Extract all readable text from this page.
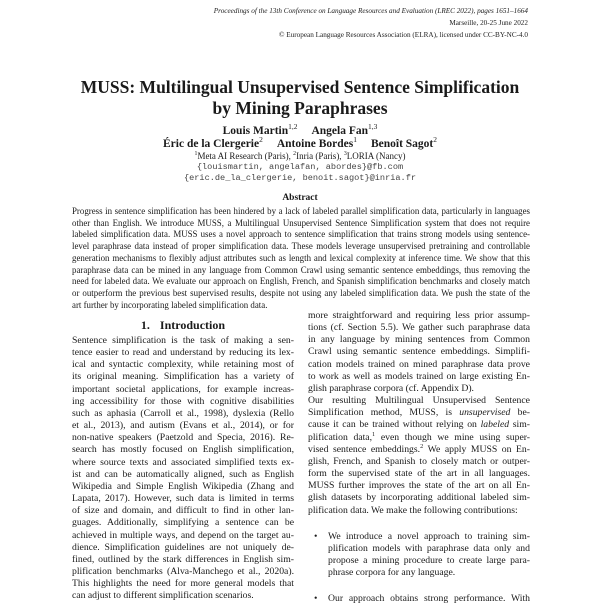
Proceedings of the 13th Conference on Language Resources and Evaluation (LREC 2022), pages 1651–1664
Marseille, 20-25 June 2022
© European Language Resources Association (ELRA), licensed under CC-BY-NC-4.0
MUSS: Multilingual Unsupervised Sentence Simplification
by Mining Paraphrases
Louis Martin$^{1,2}$ Angela Fan$^{1,3}$
Éric de la Clergerie$^2$ Antoine Bordes$^1$ Benoît Sagot$^2$
$^1$Meta AI Research (Paris), $^2$Inria (Paris), $^3$LORIA (Nancy)
{louismartin, angelafan, abordes}@fb.com
{eric.de_la_clergerie, benoit.sagot}@inria.fr
Abstract
Progress in sentence simplification has been hindered by a lack of labeled parallel simplification data, particularly in languages
other than English. We introduce MUSS, a Multilingual Unsupervised Sentence Simplification system that does not require
labeled simplification data. MUSS uses a novel approach to sentence simplification that trains strong models using sentence-
level paraphrase data instead of proper simplification data. These models leverage unsupervised pretraining and controllable
generation mechanisms to flexibly adjust attributes such as length and lexical complexity at inference time. We show that this
paraphrase data can be mined in any language from Common Crawl using semantic sentence embeddings, thus removing the
need for labeled data. We evaluate our approach on English, French, and Spanish simplification benchmarks and closely match
or outperform the previous best supervised results, despite not using any labeled simplification data. We push the state of the
art further by incorporating labeled simplification data.
1. Introduction
Sentence simplification is the task of making a sen-
tence easier to read and understand by reducing its lex-
ical and syntactic complexity, while retaining most of
its original meaning. Simplification has a variety of
important societal applications, for example increas-
ing accessibility for those with cognitive disabilities
such as aphasia (Carroll et al., 1998), dyslexia (Rello
et al., 2013), and autism (Evans et al., 2014), or for
non-native speakers (Paetzold and Specia, 2016). Re-
search has mostly focused on English simplification,
where source texts and associated simplified texts ex-
ist and can be automatically aligned, such as English
Wikipedia and Simple English Wikipedia (Zhang and
Lapata, 2017). However, such data is limited in terms
of size and domain, and difficult to find in other lan-
guages. Additionally, simplifying a sentence can be
achieved in multiple ways, and depend on the target au-
dience. Simplification guidelines are not uniquely de-
fined, outlined by the stark differences in English sim-
plification benchmarks (Alva-Manchego et al., 2020a).
This highlights the need for more general models that
can adjust to different simplification scenarios.
more straightforward and requiring less prior assump-
tions (cf. Section 5.5). We gather such paraphrase data
in any language by mining sentences from Common
Crawl using semantic sentence embeddings. Simplifi-
cation models trained on mined paraphrase data prove
to work as well as models trained on large existing En-
glish paraphrase corpora (cf. Appendix D).
Our resulting Multilingual Unsupervised Sentence
Simplification method, MUSS, is unsupervised be-
cause it can be trained without relying on labeled sim-
plification data,$^1$ even though we mine using super-
vised sentence embeddings.$^2$ We apply MUSS on En-
glish, French, and Spanish to closely match or outper-
form the supervised state of the art in all languages.
MUSS further improves the state of the art on all En-
glish datasets by incorporating additional labeled sim-
plification data. We make the following contributions:
• We introduce a novel approach to training sim-
plification models with paraphrase data only and
propose a mining procedure to create large para-
phrase corpora for any language.
• Our approach obtains strong performance. With
